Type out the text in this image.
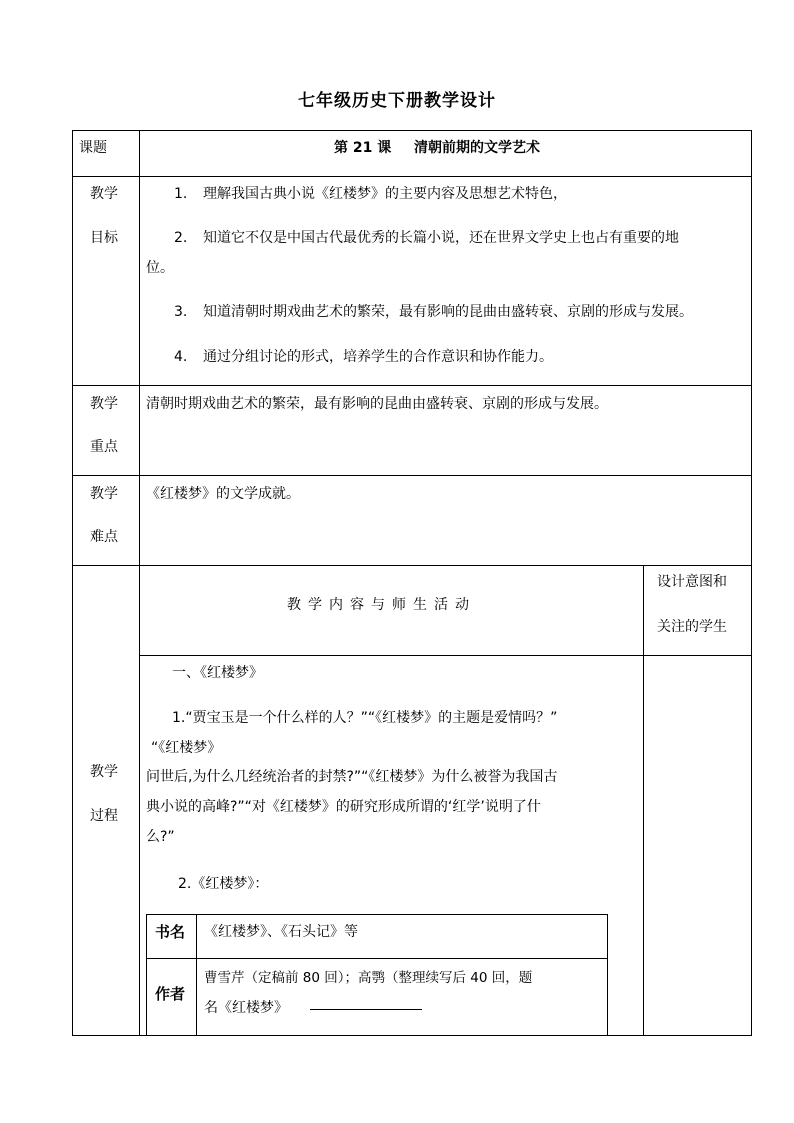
七年级历史下册教学设计
课题	第 21 课 清朝前期的文学艺术
教学
目标
1. 理解我国古典小说《红楼梦》的主要内容及思想艺术特色，
2. 知道它不仅是中国古代最优秀的长篇小说，还在世界文学史上也占有重要的地
位。
3. 知道清朝时期戏曲艺术的繁荣，最有影响的昆曲由盛转衰、京剧的形成与发展。
4. 通过分组讨论的形式，培养学生的合作意识和协作能力。
教学
重点
清朝时期戏曲艺术的繁荣，最有影响的昆曲由盛转衰、京剧的形成与发展。
教学
难点
《红楼梦》的文学成就。
教学
过程
教学内容与师生活动
设计意图和
关注的学生
一、《红楼梦》
1.“贾宝玉是一个什么样的人？”“《红楼梦》的主题是爱情吗？”
“《红楼梦》
问世后,为什么几经统治者的封禁?”“《红楼梦》为什么被誉为我国古
典小说的高峰?”“对《红楼梦》的研究形成所谓的‘红学’说明了什
么?”
2.《红楼梦》：
书名 《红楼梦》、《石头记》等
作者
曹雪芹（定稿前 80 回）；高鹗（整理续写后 40 回，题
名《红楼梦》
